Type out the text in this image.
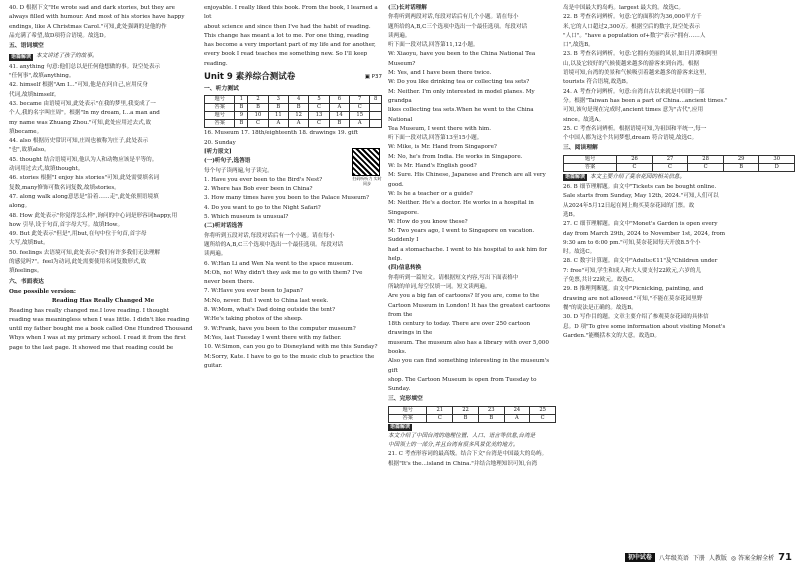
40. D 根据下文"He wrote sad and dark stories, but they are

always filled with humour. And most of his stories have happy

endings, like A Christmas Carol."可知,此处强调的是他的作

品充满了希望,故D项符合语境。故选D。

五、语词填空
语篇解读 本文讲述了孩子的故事。

41. anything 句意:他们总以是任何他想做的事。设空处表示

"任何事",故填anything。

42. himself 根据"Am I..."可知,他是在问自己,应用反身

代词,故填himself。

43. became 由语境可知,此处表示"在我的梦里,我变成了一

个人,我的名字叫庄周"。根据"In my dream, I...a man and

my name was Zhuang Zhou."可知,此处应用过去式,故

填became。

44. also 根据历史常识可知,庄周也被称为庄子,此处表示

"也",故填also。

45. thought 结合语境可知,他认为人和动物应该是平等的。

动词用过去式,故填thought。

46. stories 根据"I enjoy his stories"可知,此处需要填名词

复数,many修饰可数名词复数,故填stories。

47. along walk along意思是"沿着……走",此处依照语境填

along。

48. How 此处表示"你觉得怎么样",询问的中心词是形容词happy,用

how 引导,设于句首,首字母大写。故填How。

49. But 此处表示"但是",用but,在句中位于句首,首字母

大写,故填But。

50. feelings 去语境可知,此处表示"我们有许多我们无法理解

的感觉吗?"。feel为动词,此处需要使用名词复数形式,故

填feelings。

六、书面表达

One possible version:

Reading Has Really Changed Me

Reading has really changed me.I love reading. I thought

reading was meaningless when I was little. I didn't like reading

until my father bought me a book called One Hundred Thousand

Whys when I was at my primary school. I read it from the first

page to the last page. It showed me that reading could be

enjoyable. I really liked this book. From the book, I learned a lot

about science and since then I've had the habit of reading.

This change has meant a lot to me. For one thing, reading

has become a very important part of my life and for another,

every book I read teaches me something new. So I'll keep

reading.

Unit 9 素养综合测试卷	▣ P37
一、听力测试
题号	1	2	3	4	5	6	7	8
答案	B	B	B	B	C	A	C	
题号	9	10	11	12	13	14	15	
答案	B	C	A	A	C	B	A	

16. Museum 17. 18th/eighteenth 18. drawings 19. gift

20. Sunday

扫码听听力 实时同步

[听力原文]

(一)听句子,选答语

每个句子读两遍,句子读完。

1. Have you ever been to the Bird's Nest?

2. Where has Bob ever been in China?

3. How many times have you been to the Palace Museum?

4. Do you want to go to the Night Safari?

5. Which museum is unusual?

(二)听对话选答

你将听到五段对话,每段对话后有一个小题。请在每小

题所给的A,B,C三个选项中选出一个最佳选项。每段对话

读两遍。

6. W:Han Li and Wen Na went to the space museum.

M:Oh, no! Why didn't they ask me to go with them? I've

never been there.

7. W:Have you ever been to Japan?

M:No, never. But I went to China last week.

8. W:Mom, what's Dad doing outside the tent?

W:He's taking photos of the sheep.

9. W:Frank, have you been to the computer museum?

M:Yes, last Tuesday I went there with my father.

10. W:Simon, can you go to Disneyland with me this Sunday?

M:Sorry, Kate. I have to go to the music club to practice the

guitar.

(三)长对话理解

你将听到两段对话,每段对话后有几个小题。请在每小

题所给的A,B,C三个选项中选出一个最佳选项。每段对话

读两遍。

听下面一段对话,回答第11,12小题。

W: Xiaoyu, have you been to the China National Tea Museum?

M: Yes, and I have been there twice.

W: Do you like drinking tea or collecting tea sets?

M: Neither. I'm only interested in model planes. My grandpa

likes collecting tea sets.When he went to the China National

Tea Museum, I went there with him.

听下面一段对话,回答第13至15小题。

W: Mike, is Mr. Hand from Singapore?

M: No, he's from India. He works in Singapore.

W: Is Mr. Hand's English good?

M: Sure. His Chinese, Japanese and French are all very good.

W: Is he a teacher or a guide?

M: Neither. He's a doctor. He works in a hospital in Singapore.

W: How do you know these?

M: Two years ago, I went to Singapore on vacation. Suddenly I

had a stomachache. I went to his hospital to ask him for help.

(四)信息转换

你将听到一篇短文。请根据短文内容,写出下面表格中

所缺的单词,每空仅填一词。短文读两遍。

Are you a big fan of cartoons? If you are, come to the

Cartoon Museum in London! It has the greatest cartoons from the

18th century to today. There are over 250 cartoon drawings in the

museum. The museum also has a library with over 5,000 books.

Also you can find something interesting in the museum's gift

shop. The Cartoon Museum is open from Tuesday to Sunday.

三、完形填空
题号	21	22	23	24	25
答案	C	B	B	A	C
语篇解读

本文介绍了中国台湾的地理位置、人口、语言等信息,台湾是

中国领土的一部分,并且台湾有很多风景优美的地方。

21. C 考查形容词的最高级。结合下文"台湾是中国最大的岛屿。

根据"It's the...island in China."并结合地理知识可知,台湾

岛是中国最大的岛屿。largest 最大的。故选C。

22. B 考查名词辨析。句意:它的面积约为36,000平方千

米,它的人口超过2,300万。根据空后的数字,设空处表示

"人口"。"have a population of+数字"表示"拥有……人

口",故选B。

23. B 考查名词辨析。句意:它拥有美丽的风景,如日月潭和阿里

山,以及它较好的气候使越来越多的游客来到台湾。根据

语境可知,台湾的美景和气候吸引着越来越多的游客来这里,

tourists 符合语境,故选B。

24. A 考查介词辨析。句意:台湾自古以来就是中国的一部

分。根据"Taiwan has been a part of China...ancient times."

可知,该句是现在完成时,ancient times 意为"古代",应用

since。故选A。

25. C 考查名词辨析。根据语境可知,为祖国和平统一,每一

个中国人都为这个共同梦想,dream 符合语境,故选C。

三、阅读理解
题号	26	27	28	29	30
答案	C	C	C	B	D
语篇解读 本文主要介绍了莫奈花园的相关信息。

26. B 细节理解题。由文中"Tickets can be bought online.

Sale starts from Sunday, May 12th, 2024."可知,人们可以

从2024年5月12日起在网上购买莫奈花园的门票。故

选B。

27. C 细节理解题。由文中"Monet's Garden is open every

day from March 29th, 2024 to November 1st, 2024, from

9:30 am to 6:00 pm."可知,莫奈花园每天开放8.5个小

时。故选C。

28. C 数字计算题。由文中"Adults:€11"及"Children under

7: free"可知,学生和成人和大人要支付22欧元,六岁的儿

子免票,共计22欧元。故选C。

29. B 推理判断题。由文中"Picnicking, painting, and

drawing are not allowed."可知,"不能在莫奈花园里野

餐"的说法是正确的。故选B。

30. D 写作目的题。文章主要介绍了参观莫奈花园的具体信

息。D 项"To give some information about visiting Monet's

Garden."能概括本文的大意。故选D。

初中试卷	八年级英语 下册 人教版 ◎ 答案全解全析 71
